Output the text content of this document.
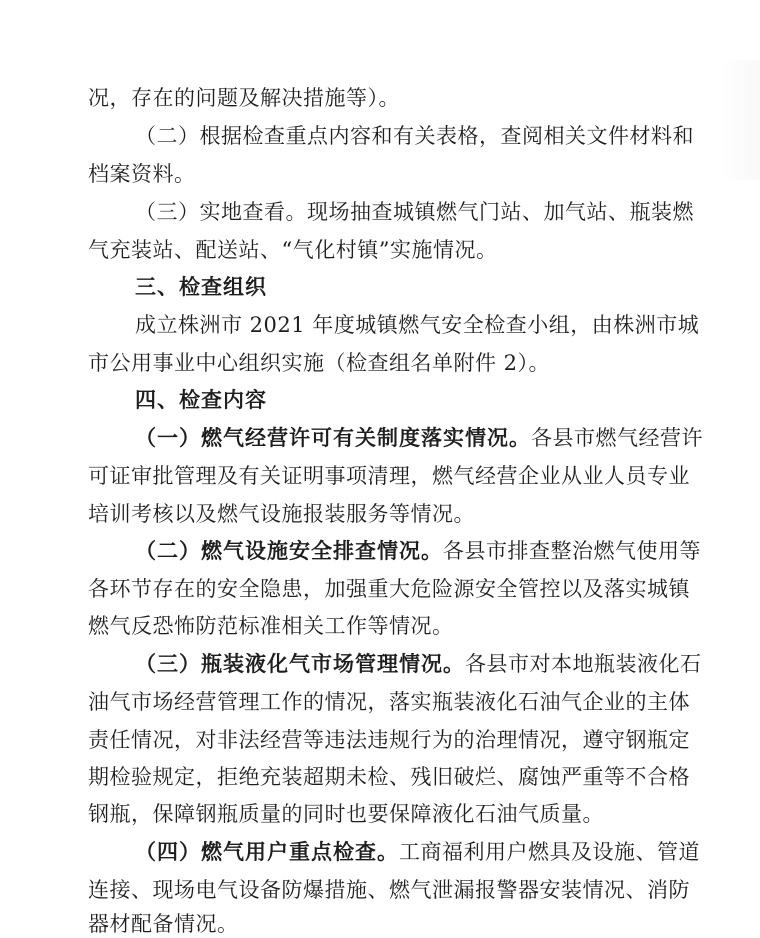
况，存在的问题及解决措施等）。
（二）根据检查重点内容和有关表格，查阅相关文件材料和
档案资料。
（三）实地查看。现场抽查城镇燃气门站、加气站、瓶装燃
气充装站、配送站、“气化村镇”实施情况。
三、检查组织
成立株洲市 2021 年度城镇燃气安全检查小组，由株洲市城
市公用事业中心组织实施（检查组名单附件 2）。
四、检查内容
（一）燃气经营许可有关制度落实情况。各县市燃气经营许
可证审批管理及有关证明事项清理，燃气经营企业从业人员专业
培训考核以及燃气设施报装服务等情况。
（二）燃气设施安全排查情况。各县市排查整治燃气使用等
各环节存在的安全隐患，加强重大危险源安全管控以及落实城镇
燃气反恐怖防范标准相关工作等情况。
（三）瓶装液化气市场管理情况。各县市对本地瓶装液化石
油气市场经营管理工作的情况，落实瓶装液化石油气企业的主体
责任情况，对非法经营等违法违规行为的治理情况，遵守钢瓶定
期检验规定，拒绝充装超期未检、残旧破烂、腐蚀严重等不合格
钢瓶，保障钢瓶质量的同时也要保障液化石油气质量。
（四）燃气用户重点检查。工商福利用户燃具及设施、管道
连接、现场电气设备防爆措施、燃气泄漏报警器安装情况、消防
器材配备情况。
